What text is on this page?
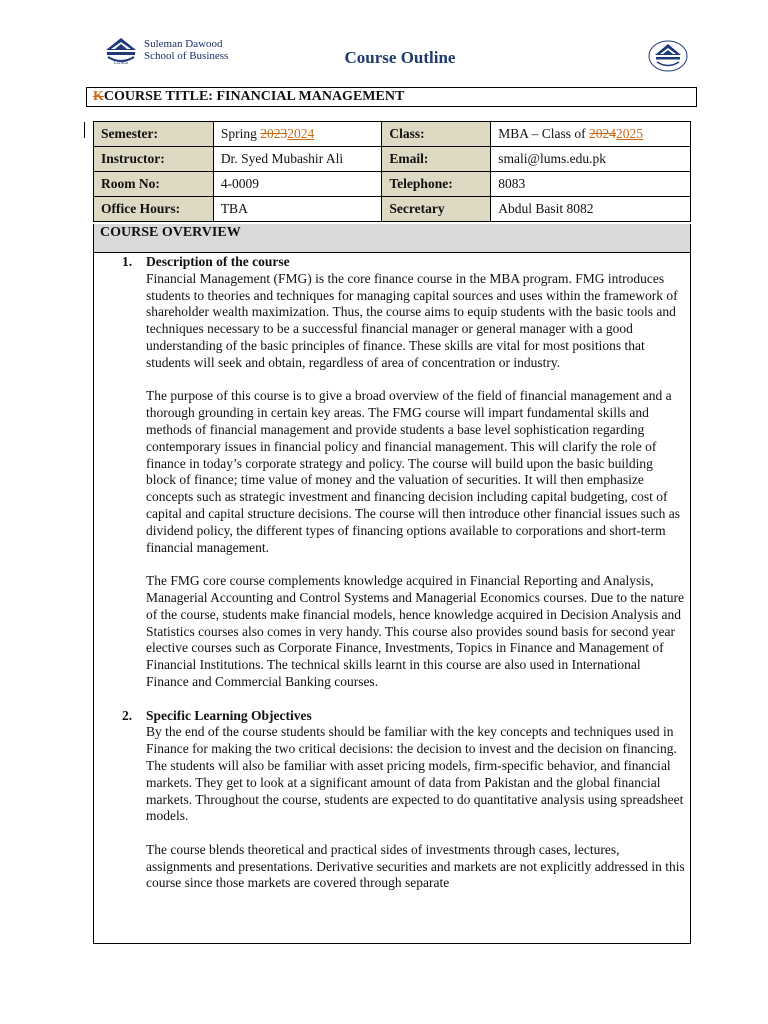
LUMS
Suleman Dawood
School of Business	Course Outline
KCOURSE TITLE: FINANCIAL MANAGEMENT
Semester:	Spring 20232024	Class:	MBA – Class of 20242025
Instructor:	Dr. Syed Mubashir Ali	Email:	smali@lums.edu.pk
Room No:	4-0009	Telephone:	8083
Office Hours:	TBA	Secretary	Abdul Basit 8082
COURSE OVERVIEW
1. Description of the course

Financial Management (FMG) is the core finance course in the MBA program. FMG introduces students to theories and techniques for managing capital sources and uses within the framework of shareholder wealth maximization. Thus, the course aims to equip students with the basic tools and techniques necessary to be a successful financial manager or general manager with a good understanding of the basic principles of finance. These skills are vital for most positions that students will seek and obtain, regardless of area of concentration or industry.

The purpose of this course is to give a broad overview of the field of financial management and a thorough grounding in certain key areas. The FMG course will impart fundamental skills and methods of financial management and provide students a base level sophistication regarding contemporary issues in financial policy and financial management. This will clarify the role of finance in today’s corporate strategy and policy. The course will build upon the basic building block of finance; time value of money and the valuation of securities. It will then emphasize concepts such as strategic investment and financing decision including capital budgeting, cost of capital and capital structure decisions. The course will then introduce other financial issues such as dividend policy, the different types of financing options available to corporations and short-term financial management.

The FMG core course complements knowledge acquired in Financial Reporting and Analysis, Managerial Accounting and Control Systems and Managerial Economics courses. Due to the nature of the course, students make financial models, hence knowledge acquired in Decision Analysis and Statistics courses also comes in very handy. This course also provides sound basis for second year elective courses such as Corporate Finance, Investments, Topics in Finance and Management of Financial Institutions. The technical skills learnt in this course are also used in International Finance and Commercial Banking courses.

2. Specific Learning Objectives

By the end of the course students should be familiar with the key concepts and techniques used in Finance for making the two critical decisions: the decision to invest and the decision on financing. The students will also be familiar with asset pricing models, firm-specific behavior, and financial markets. They get to look at a significant amount of data from Pakistan and the global financial markets. Throughout the course, students are expected to do quantitative analysis using spreadsheet models.

The course blends theoretical and practical sides of investments through cases, lectures, assignments and presentations. Derivative securities and markets are not explicitly addressed in this course since those markets are covered through separate
